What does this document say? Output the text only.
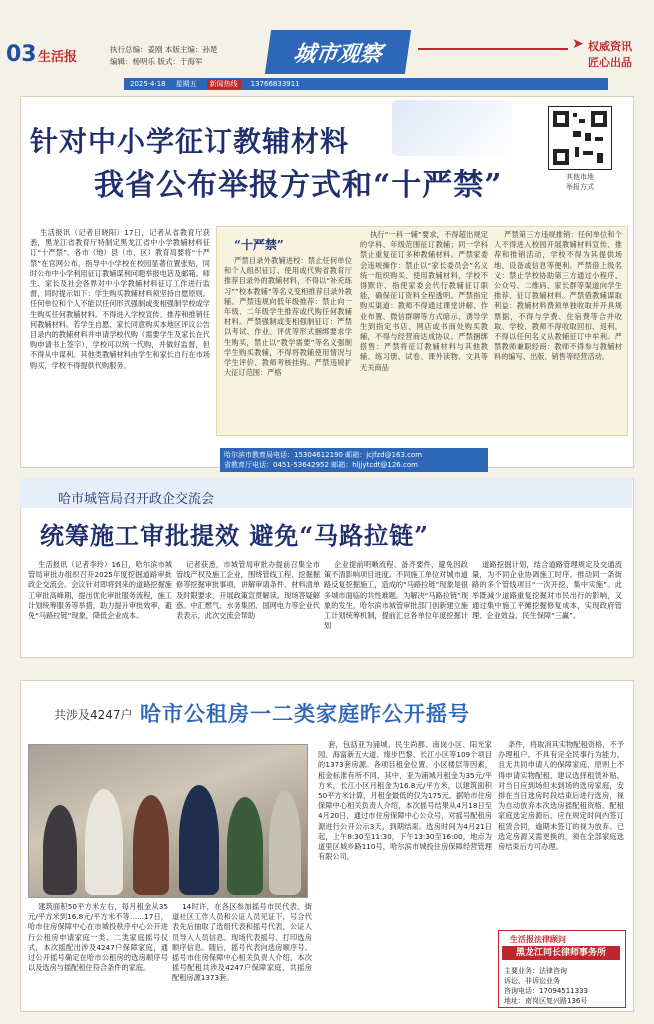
03 生活报
执行总编：姜刚 本版主编：孙楚
编辑：杨明乐 版式：于海军	城市观察	➤ 权威资讯
匠心出品
2025·4·18 星期五	新闻热线	13766833911
针对中小学征订教辅材料
我省公布举报方式和“十严禁”	其他市地
举报方式

生活报讯（记者目晓阳）17日，记者从省教育厅获悉，黑龙江省教育厅特制定黑龙江省中小学教辅材料征订“十严禁”。各市（地）县（市、区）教育局要将“十严禁”在官网公布，指导中小学校在校园显著位置张贴，同时公布中小学利用征订教辅谋利问题举报电话及邮箱。师生、家长及社会各界对中小学教辅材料征订工作进行监督，同时提示如下：学生购买教辅材料须坚持自愿原则。任何单位和个人不能以任何形式强制或变相强制学校或学生购买任何教辅材料。不得进入学校宣传、推荐和推销任何教辅材料。若学生自愿、家长同意购买本地区评议公告目录内的教辅材料并申请学校代购（需要学生及家长在代购申请书上签字），学校可以统一代购，并做好监督，但不得从中谋利。其他类教辅材料由学生和家长自行在市场购买，学校不得提供代购服务。

“十严禁”

严禁目录外教辅进校：禁止任何单位和个人组织征订、使用或代购省教育厅推荐目录外的教辅材料，不得以“补充练习”“校本教辅”等名义变相推荐目录外教辅。严禁违规向低年级推荐：禁止向一年级、二年级学生推荐或代购任何教辅材料。严禁强制或变相强制征订：严禁以考试、作业、评优等形式捆绑要求学生购买，禁止以“教学需要”等名义强制学生购买教辅，不得将教辅使用情况与学生评价、教师考核挂钩。严禁违规扩大征订范围：严格

执行“一科一辅”要求，不得超出规定的学科、年级范围征订教辅；同一学科禁止重复征订多种教辅材料。严禁家委会违规操作：禁止以“家长委员会”名义统一组织购买、使用教辅材料，学校不得默许、指使家委会代行教辅征订职能，确保征订资料全程透明。严禁指定购买渠道：教师不得通过课堂讲解、作业布置、微信群聊等方式暗示、诱导学生到指定书店、网店或书商处购买教辅，不得与经营商达成协议。严禁捆绑搭售：严禁将征订教辅材料与其他教辅、练习册、试卷、课外读物、文具等无关商品

严禁第三方违规推销：任何单位和个人不得进入校园开展教辅材料宣传、推荐和推销活动，学校不得为其提供场地、设备或信息等便利。严禁借上级名义：禁止学校协助第三方通过小程序、公众号、二维码、家长群等渠道向学生推荐、征订教辅材料。严禁借教辅谋取利益：教辅材料费须单独收取并开具规票据，不得与学费、住宿费等合并收取。学校、教师不得收取回扣、返利，不得以任何名义从教辅征订中牟利。严禁教师兼职经商：教师不得参与教辅材料的编写、出版、销售等经营活动。

哈尔滨市教育局电话：15304612190 邮箱：jcjfzd@163.com
省教育厅电话：0451-53642952 邮箱：hljjytcdt@126.com
哈市城管局召开政企交流会
统筹施工审批提效 避免“马路拉链”

生活报讯（记者李玲）16日，哈尔滨市城管局审批办组织召开2025年度挖掘道路审批政企交流会。会议针对即将到来的道路挖掘施工审批高峰期，提出优化审批服务流程，施工计划统筹服务等举措，助力提升审批效率，避免“马路拉链”现象，降低企业成本。

记者获悉，市城管局审批办提前召集全市管线产权及施工企业，围绕管线工程、挖掘掘修等挖掘审批事项，讲解审请条件、材料清单及时限要求，开展政策宣贯解读。现场答疑解惑。中汇燃气、水务集团、国网电力等企业代表表示，此次交流会帮助

企业提前明晰流程、备齐要件，避免因政策不清影响项目进度。不同施工单位对城市道路反复挖掘施工，造成的“马路拉链”现象是很多城市面临的共性难题。为解决“马路拉链”现象的发生，哈尔滨市城管审批部门创新建立施工计划统筹机制，提前汇总各单位年度挖掘计划

道路挖掘计划，结合道路管理规定及交通流量，为不同企业协调施工时序，推动同一条街路的多个管线项目“一次开挖、集中实施”。此举既减少道路重复挖掘对市民出行的影响，又通过集中施工平摊挖掘修复成本，实现政府管理、企业效益、民生保障“三赢”。

共涉及4247户 哈市公租房一二类家庭昨公开摇号

建筑面积50平方米左右，每月租金从35元/平方米到16.8元/平方米不等……17日，哈市住房保障中心在市城投秩序中心公开进行公租房申请家庭一类、二类家庭摇号仪式，本次摇配出涉及4247户保障家庭，通过公开摇号确定在哈市公租房的选房顺序号以及选房与摇配租住符合条件的家庭。

14时许，在各区参加摇号市民代表、街道社区工作人员和公证人员见证下，号合代表先后抽取了选组代表和摇号代表，公证人员导入人员信息、现场代表摇号、打印选房顺序信息。随后，摇号代表向选房顺序号。摇号市住房保障中心相关负责人介绍，本次摇号配租共涉及4247户保障家庭，共摇房配租房源1373套。

套，包括亚为浦城、民生尚都、南岗小区、阳光家园、海富新五大道、缘步巴黎、长江小区等109个项目的1373套房源。各项目租金位置、小区楼层等因素，租金标准有所不同，其中，亚为浦城月租金为35元/平方米，长江小区月租金为16.8元/平方米，以建筑面积50平方米计算，月租金最低的仅为175元。据哈市住房保障中心相关负责人介绍，本次摇号结果从4月18日至4月20日，通过市住房保障中心公众号，对摇号配租房源进行公开公示3天，到期结束。选房时间为4月21日起，上午8:30至11:30，下午13:30至16:00，地点为道里区城乡路110号，哈尔滨市城投住房保障经营管理有限公司。

条件，将取消其实物配租资格，不予办理租户。不具有完全民事行为能力，且无共同申请人的保障家庭，原则上不得申请实物配租，建议选择租赁补贴。对当日应到场但未到场的选房家庭，安排在当日选房时段结束后进行选房，视为自动放弃本次选房摇配租资格。配租家庭选定房源后，应在规定时间内签订租赁合同，逾期未签订的视为放弃。已选定房源又需更换的，须在全部家庭选房结束后方可办理。

生活报法律顾问
黑龙江同长律师事务所
主要业务：法律咨询
诉讼、非诉讼业务
咨询电话：17094511333
地址：南岗区复兴路136号
